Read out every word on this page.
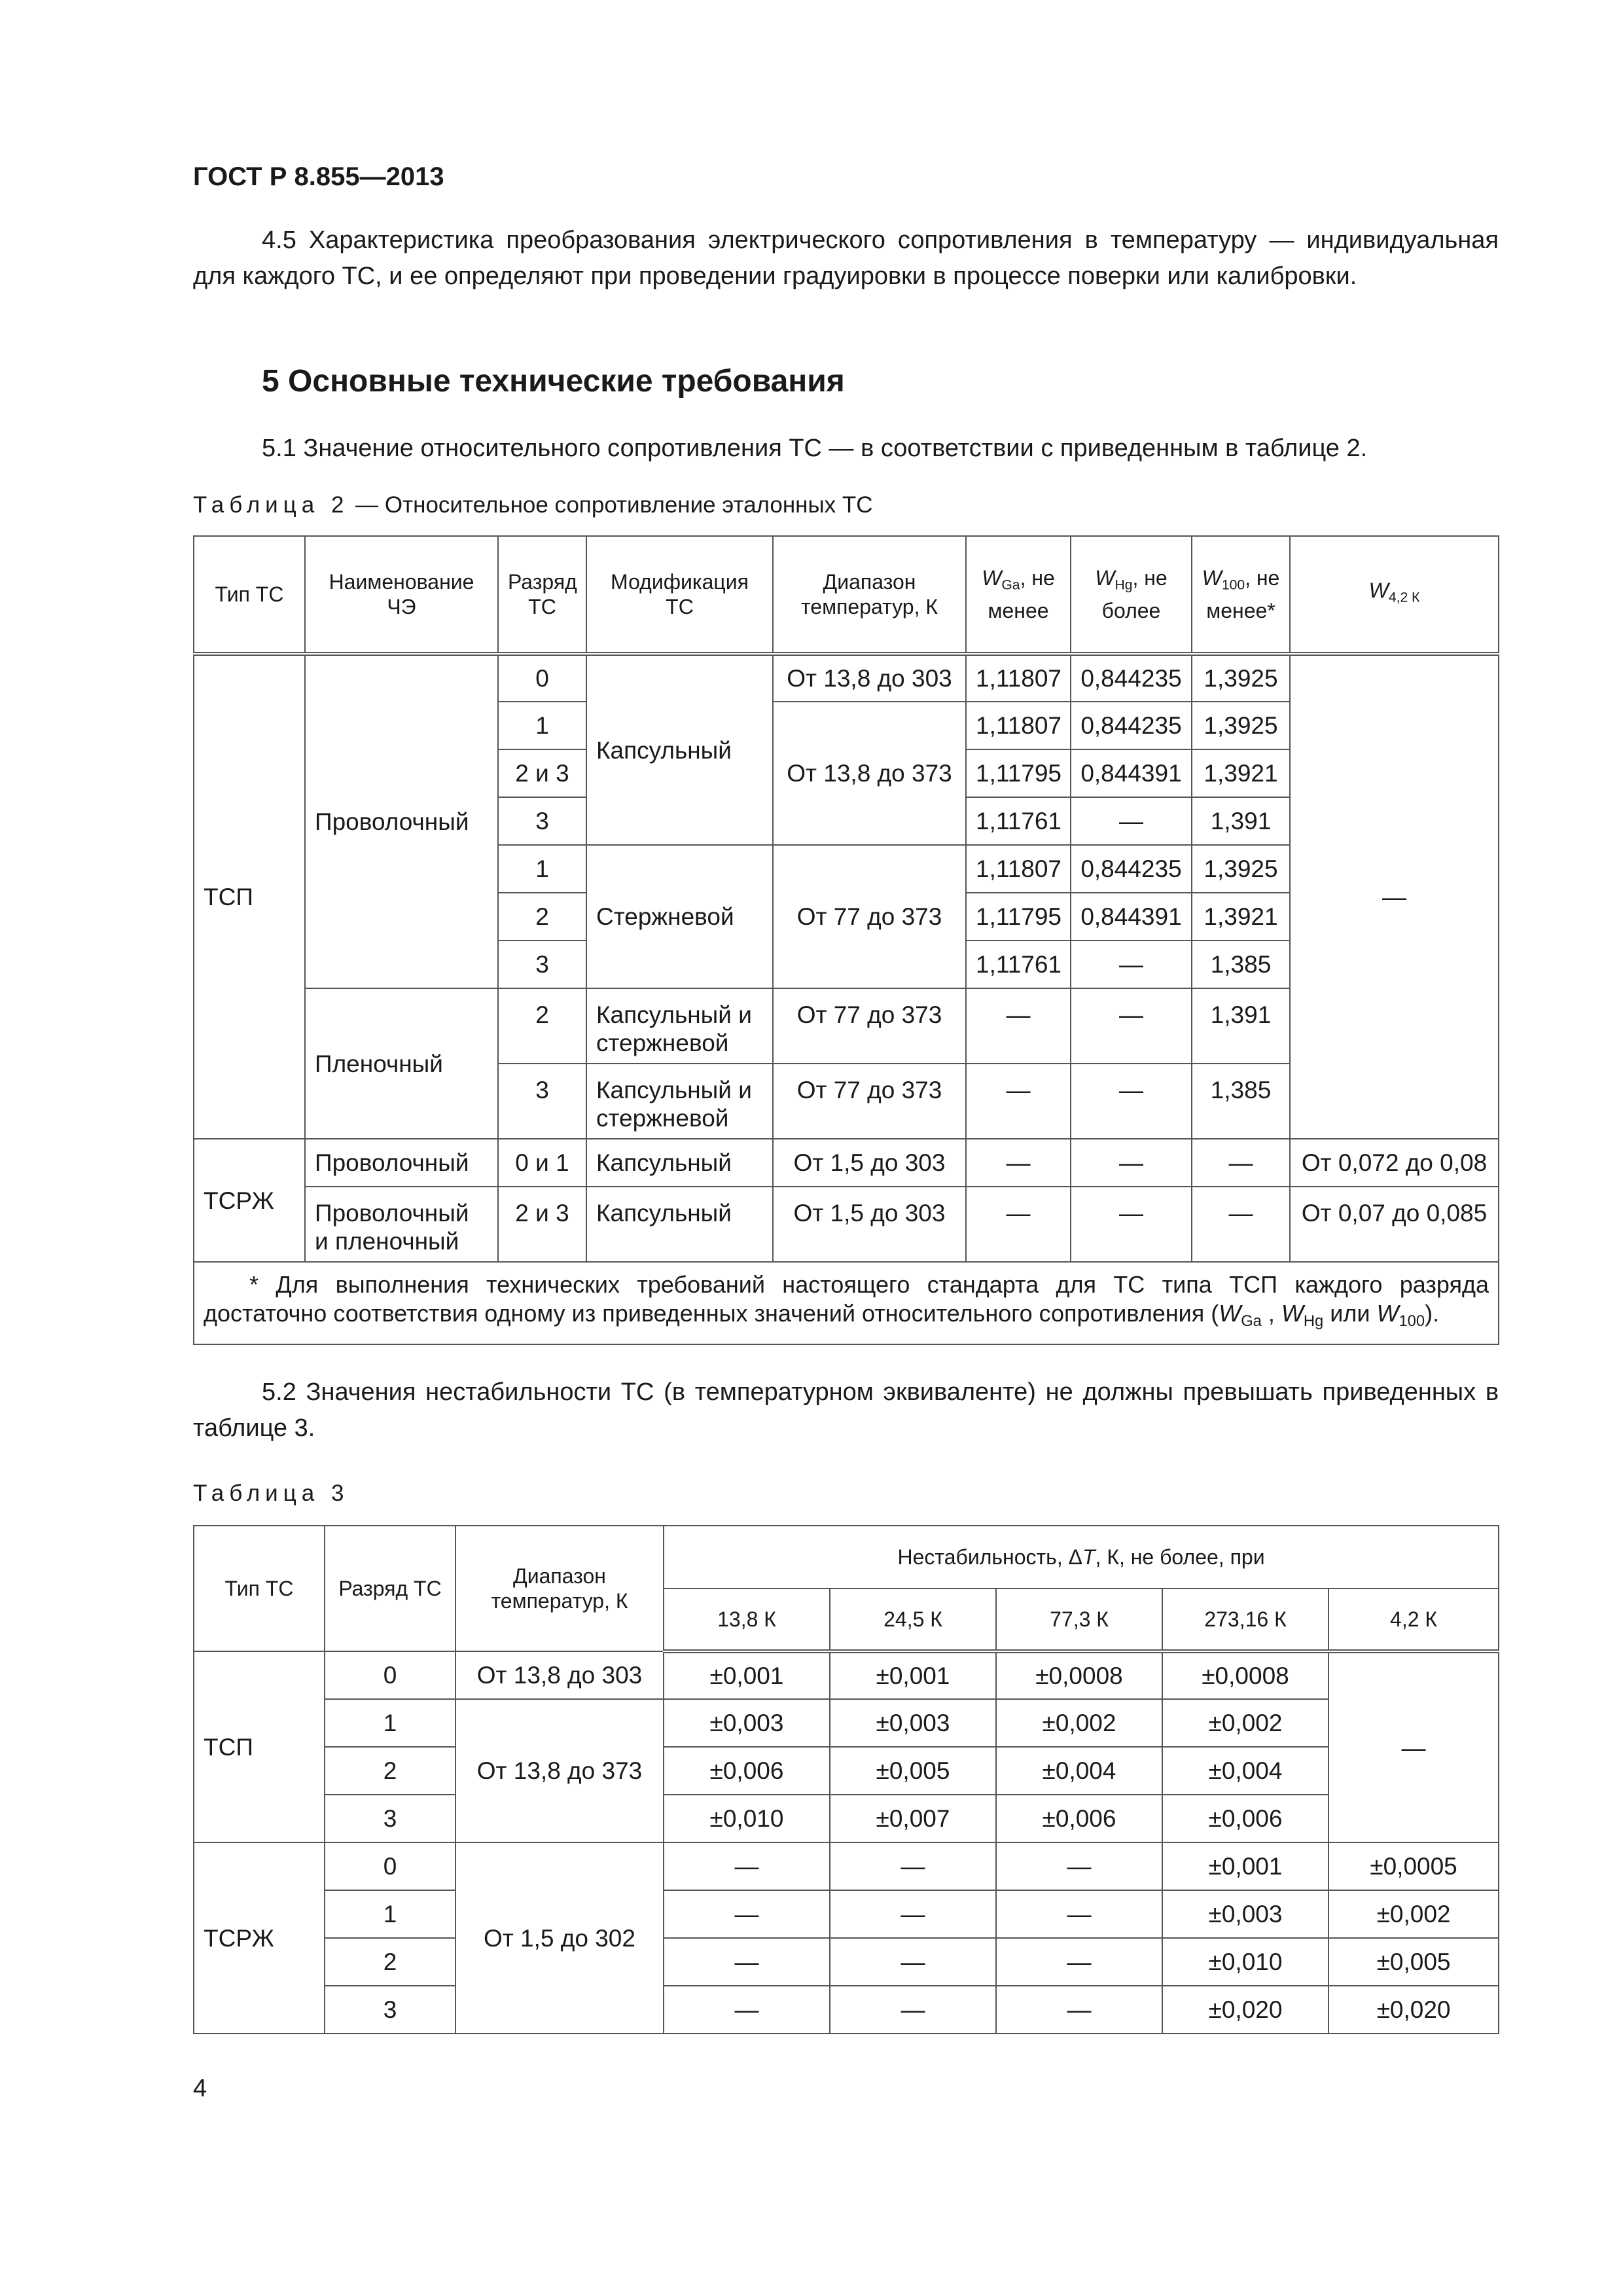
ГОСТ Р 8.855—2013

4.5 Характеристика преобразования электрического сопротивления в температуру — индивидуальная для каждого ТС, и ее определяют при проведении градуировки в процессе поверки или калибровки.

5 Основные технические требования

5.1 Значение относительного сопротивления ТС — в соответствии с приведенным в таблице 2.

Таблица 2 — Относительное сопротивление эталонных ТС
Тип ТС	Наименование ЧЭ	Разряд ТС	Модификация ТС	Диапазон температур, К	$W_{Ga}$, не менее	$W_{Hg}$, не более	$W_{100}$, не менее*	$W_{4,2 К}$
ТСП	Проволочный	0	Капсульный	От 13,8 до 303	1,11807	0,844235	1,3925	—
		1		От 13,8 до 373	1,11807	0,844235	1,3925	
		2 и 3			1,11795	0,844391	1,3921	
		3			1,11761	—	1,391	
		1	Стержневой	От 77 до 373	1,11807	0,844235	1,3925	
		2			1,11795	0,844391	1,3921	
		3			1,11761	—	1,385	
	Пленочный	2	Капсульный и стержневой	От 77 до 373	—	—	1,391	
		3	Капсульный и стержневой	От 77 до 373	—	—	1,385	
ТСРЖ	Проволочный	0 и 1	Капсульный	От 1,5 до 303	—	—	—	От 0,072 до 0,08
	Проволочный и пленочный	2 и 3	Капсульный	От 1,5 до 303	—	—	—	От 0,07 до 0,085
* Для выполнения технических требований настоящего стандарта для ТС типа ТСП каждого разряда достаточно соответствия одному из приведенных значений относительного сопротивления ($W_{Ga}$ , $W_{Hg}$ или $W_{100}$).								

5.2 Значения нестабильности ТС (в температурном эквиваленте) не должны превышать приведенных в таблице 3.

Таблица 3
Тип ТС	Разряд ТС	Диапазон температур, К	Нестабильность, ΔT, К, не более, при				
			13,8 К	24,5 К	77,3 К	273,16 К	4,2 К
ТСП	0	От 13,8 до 303	±0,001	±0,001	±0,0008	±0,0008	—
	1	От 13,8 до 373	±0,003	±0,003	±0,002	±0,002	
	2		±0,006	±0,005	±0,004	±0,004	
	3		±0,010	±0,007	±0,006	±0,006	
ТСРЖ	0	От 1,5 до 302	—	—	—	±0,001	±0,0005
	1		—	—	—	±0,003	±0,002
	2		—	—	—	±0,010	±0,005
	3		—	—	—	±0,020	±0,020
4
